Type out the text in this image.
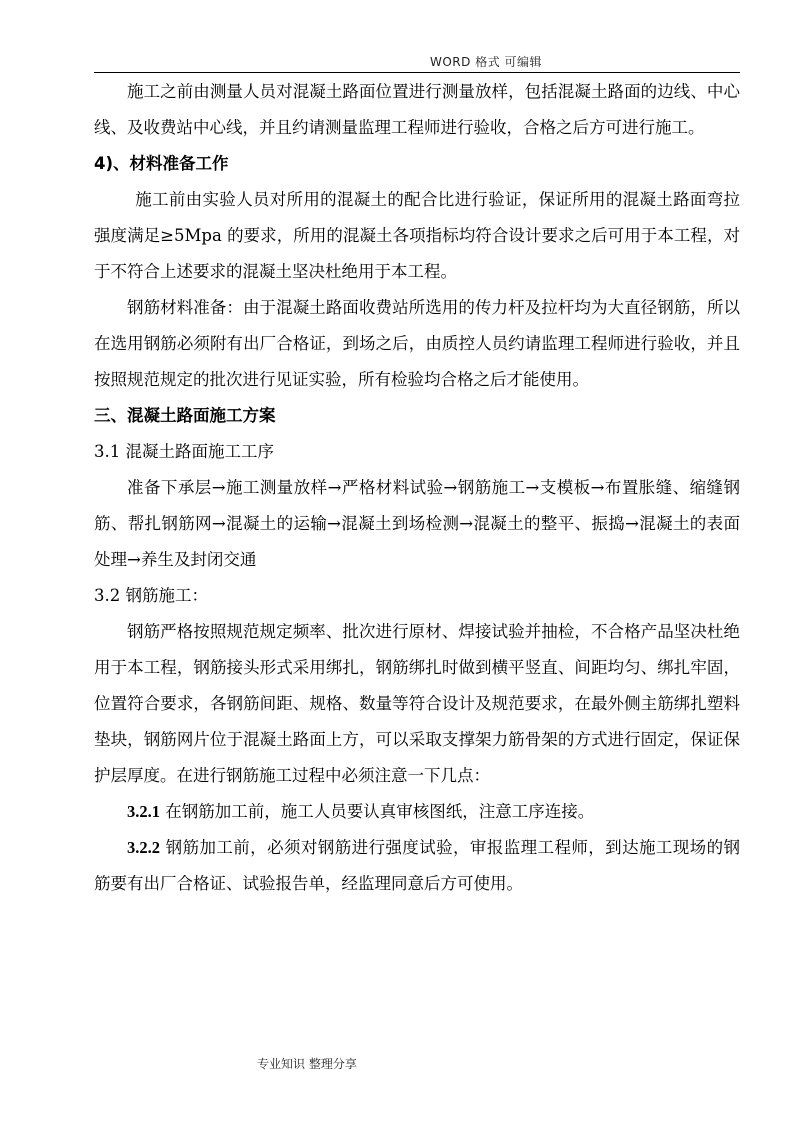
WORD 格式 可编辑

施工之前由测量人员对混凝土路面位置进行测量放样，包括混凝土路面的边线、中心线、及收费站中心线，并且约请测量监理工程师进行验收，合格之后方可进行施工。

4)、材料准备工作

施工前由实验人员对所用的混凝土的配合比进行验证，保证所用的混凝土路面弯拉强度满足≥5Mpa 的要求，所用的混凝土各项指标均符合设计要求之后可用于本工程，对于不符合上述要求的混凝土坚决杜绝用于本工程。

钢筋材料准备：由于混凝土路面收费站所选用的传力杆及拉杆均为大直径钢筋，所以在选用钢筋必须附有出厂合格证，到场之后，由质控人员约请监理工程师进行验收，并且按照规范规定的批次进行见证实验，所有检验均合格之后才能使用。

三、混凝土路面施工方案

3.1 混凝土路面施工工序

准备下承层→施工测量放样→严格材料试验→钢筋施工→支模板→布置胀缝、缩缝钢筋、帮扎钢筋网→混凝土的运输→混凝土到场检测→混凝土的整平、振捣→混凝土的表面处理→养生及封闭交通

3.2 钢筋施工：

钢筋严格按照规范规定频率、批次进行原材、焊接试验并抽检，不合格产品坚决杜绝用于本工程，钢筋接头形式采用绑扎，钢筋绑扎时做到横平竖直、间距均匀、绑扎牢固，位置符合要求，各钢筋间距、规格、数量等符合设计及规范要求，在最外侧主筋绑扎塑料垫块，钢筋网片位于混凝土路面上方，可以采取支撑架力筋骨架的方式进行固定，保证保护层厚度。在进行钢筋施工过程中必须注意一下几点：

3.2.1 在钢筋加工前，施工人员要认真审核图纸，注意工序连接。

3.2.2 钢筋加工前，必须对钢筋进行强度试验，审报监理工程师，到达施工现场的钢筋要有出厂合格证、试验报告单，经监理同意后方可使用。

专业知识 整理分享
